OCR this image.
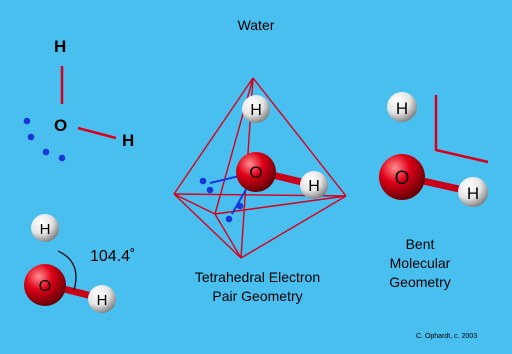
H
O
H
H
O
H
H
O
H
Water
H
O
H
104.4˚
Tetrahedral Electron
Pair Geometry
Bent
Molecular
Geometry
C. Ophardt, c. 2003
